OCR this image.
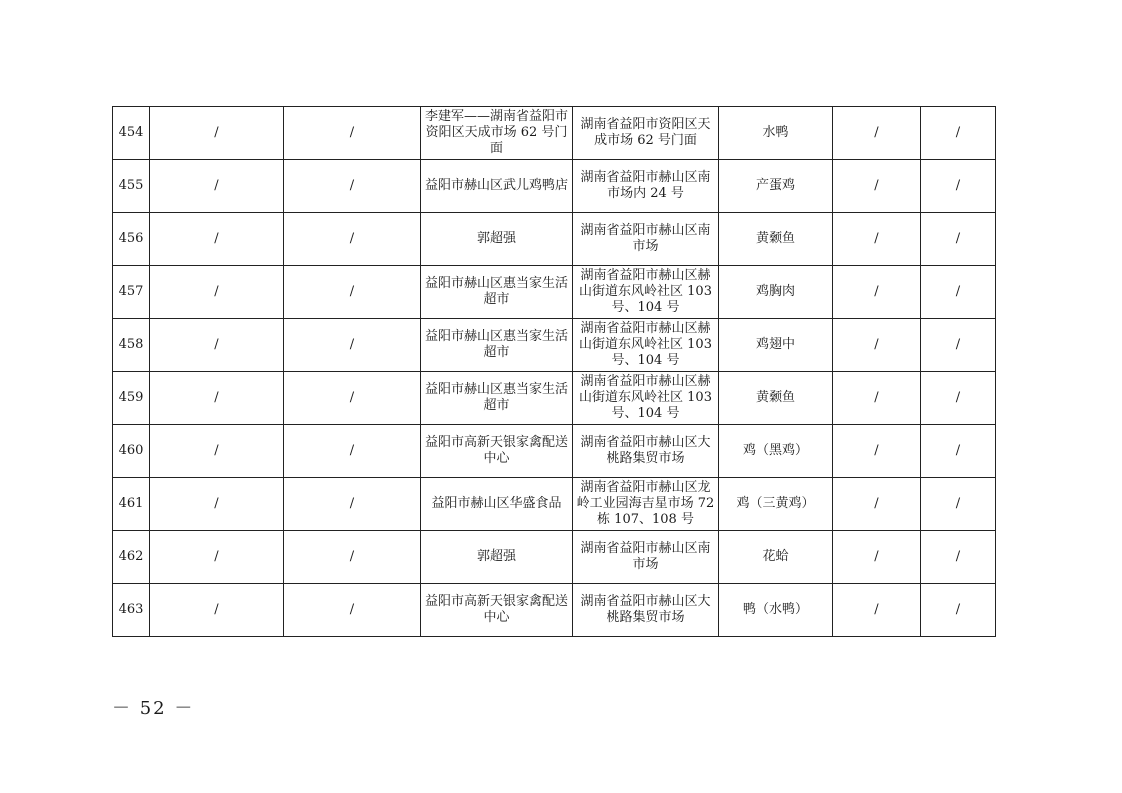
454	/	/	李建军——湖南省益阳市资阳区天成市场 62 号门面	湖南省益阳市资阳区天成市场 62 号门面	水鸭	/	/
455	/	/	益阳市赫山区武儿鸡鸭店	湖南省益阳市赫山区南市场内 24 号	产蛋鸡	/	/
456	/	/	郭超强	湖南省益阳市赫山区南市场	黄颡鱼	/	/
457	/	/	益阳市赫山区惠当家生活超市	湖南省益阳市赫山区赫山街道东风岭社区 103 号、104 号	鸡胸肉	/	/
458	/	/	益阳市赫山区惠当家生活超市	湖南省益阳市赫山区赫山街道东风岭社区 103 号、104 号	鸡翅中	/	/
459	/	/	益阳市赫山区惠当家生活超市	湖南省益阳市赫山区赫山街道东风岭社区 103 号、104 号	黄颡鱼	/	/
460	/	/	益阳市高新天银家禽配送中心	湖南省益阳市赫山区大桃路集贸市场	鸡（黑鸡）	/	/
461	/	/	益阳市赫山区华盛食品	湖南省益阳市赫山区龙岭工业园海吉星市场 72 栋 107、108 号	鸡（三黄鸡）	/	/
462	/	/	郭超强	湖南省益阳市赫山区南市场	花蛤	/	/
463	/	/	益阳市高新天银家禽配送中心	湖南省益阳市赫山区大桃路集贸市场	鸭（水鸭）	/	/
－ 52 －
